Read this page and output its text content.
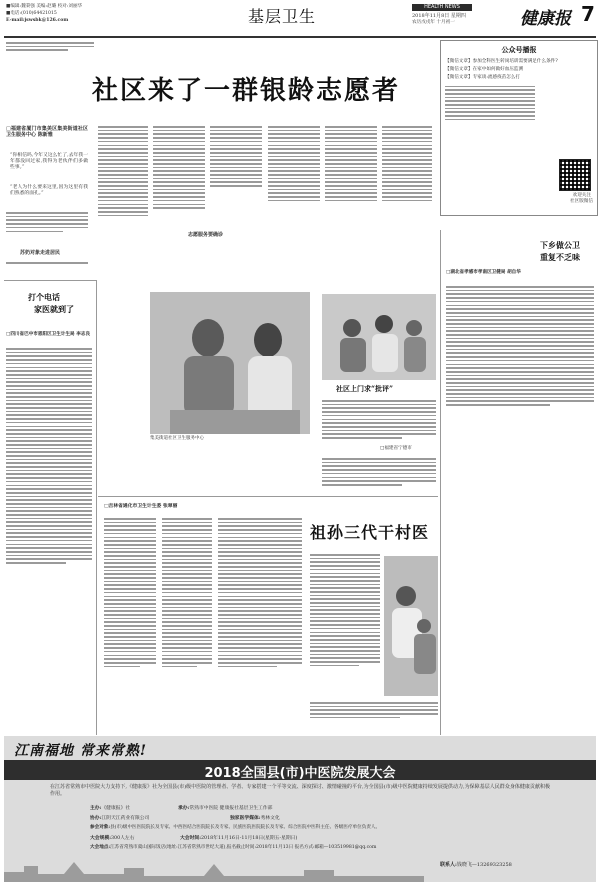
■编辑:魏秉强 美编:赵璐 校对:刘丽华
■电话:(010)64421015
E-mail:jswsbk@126.com	基层卫生	HEALTH NEWS
2018年11月8日 星期四
农历戊戌年 十月初一	健康报 7
社区来了一群银龄志愿者
□福建省厦门市集美区集美街道社区卫生服务中心 陈新雅
“你相信吗,今年又这么忙了,去年我一年都没回过家,我得为老伙伴们多做些事。”
“老人为什么要来这里,因为这里有我们熟悉的面孔。”
苏奶对象走进居民
志愿服务要确诊
集美街道社区卫生服务中心
公众号播报
【微信文章】参加全科医生转岗培训需要满足什么条件?
【微信文章】在家中如何做好血压监测
【微信文章】专家谈:流感疫苗怎么打
欢迎关注
社区版微信
下乡做公卫
重复不乏味
□湖北省孝感市孝南区卫健局 胡自华
打个电话
家医就到了
□四川省巴中市恩阳区卫生计生局 李志良
社区上门求“批评”
□福建省宁德市
□吉林省通化市卫生计生委 张翠丽
祖孙三代干村医
江南福地 常来常熟!
2018全国县(市)中医院发展大会
在江苏省常熟市中医院大力支持下,《健康报》社为全国县(市)级中医院的管理者、学者、专家搭建一个平等交流、深度探讨、激情碰撞的平台,为全国县(市)级中医院健康持续发展提供动力,为保障基层人民群众身体健康贡献积极作用。
主办:《健康报》社	承办:常熟市中医院 健康报社基层卫生工作部
协办:江阴天江药业有限公司	独家医学媒体:秀林文化
参会对象:县(市)级中医医院院长及专家、中西医结合医院院长及专家、民族医院医院院长及专家、综合医院中医科主任、各级医疗单位负责人。
大会规模:300人左右	大会时间:2018年11月16日-11月18日(星期五-星期日)
大会地点:江苏省常熟市虞山国际饭店(地址:江苏省常熟市世纪大道),报名截止时间:2018年11月13日 报名方式:邮箱—103519981@qq.com
联系人:钱晓飞—13269323258
